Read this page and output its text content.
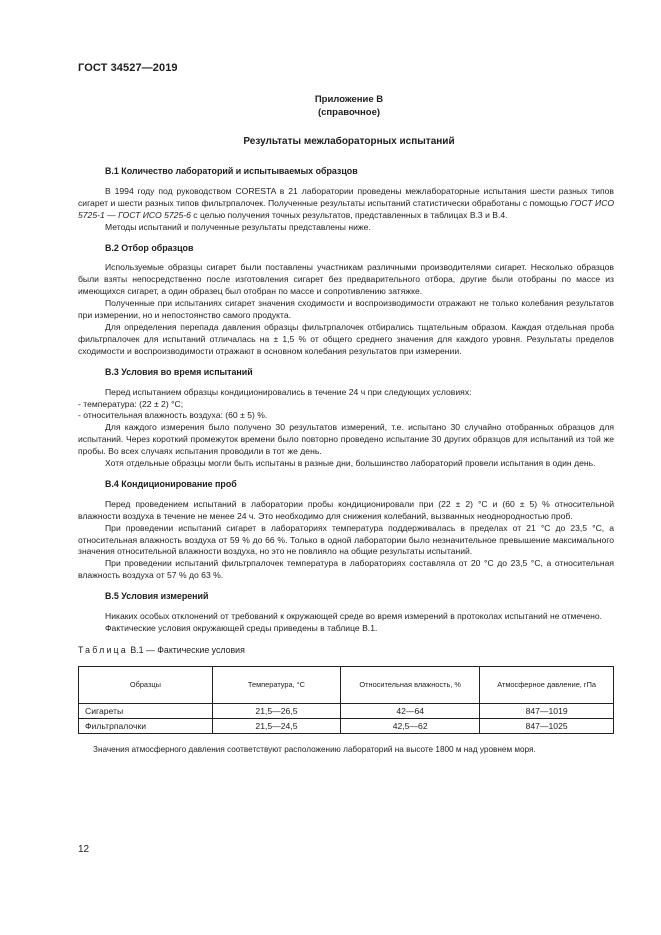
ГОСТ 34527—2019
Приложение В
(справочное)
Результаты межлабораторных испытаний
В.1 Количество лабораторий и испытываемых образцов

В 1994 году под руководством CORESTA в 21 лаборатории проведены межлабораторные испытания шести разных типов сигарет и шести разных типов фильтрпалочек. Полученные результаты испытаний статистически обработаны с помощью ГОСТ ИСО 5725-1 — ГОСТ ИСО 5725-6 с целью получения точных результатов, представленных в таблицах В.3 и В.4.

Методы испытаний и полученные результаты представлены ниже.

В.2 Отбор образцов

Используемые образцы сигарет были поставлены участникам различными производителями сигарет. Несколько образцов были взяты непосредственно после изготовления сигарет без предварительного отбора, другие были отобраны по массе из имеющихся сигарет, а один образец был отобран по массе и сопротивлению затяжке.

Полученные при испытаниях сигарет значения сходимости и воспроизводимости отражают не только колебания результатов при измерении, но и непостоянство самого продукта.

Для определения перепада давления образцы фильтрпалочек отбирались тщательным образом. Каждая отдельная проба фильтрпалочек для испытаний отличалась на ± 1,5 % от общего среднего значения для каждого уровня. Результаты пределов сходимости и воспроизводимости отражают в основном колебания результатов при измерении.

В.3 Условия во время испытаний

Перед испытанием образцы кондиционировались в течение 24 ч при следующих условиях:

- температура: (22 ± 2) °С;

- относительная влажность воздуха: (60 ± 5) %.

Для каждого измерения было получено 30 результатов измерений, т.е. испытано 30 случайно отобранных образцов для испытаний. Через короткий промежуток времени было повторно проведено испытание 30 других образцов для испытаний из той же пробы. Во всех случаях испытания проводили в тот же день.

Хотя отдельные образцы могли быть испытаны в разные дни, большинство лабораторий провели испытания в один день.

В.4 Кондиционирование проб

Перед проведением испытаний в лаборатории пробы кондиционировали при (22 ± 2) °С и (60 ± 5) % относительной влажности воздуха в течение не менее 24 ч. Это необходимо для снижения колебаний, вызванных неоднородностью проб.

При проведении испытаний сигарет в лабораториях температура поддерживалась в пределах от 21 °С до 23,5 °С, а относительная влажность воздуха от 59 % до 66 %. Только в одной лаборатории было незначительное превышение максимального значения относительной влажности воздуха, но это не повлияло на общие результаты испытаний.

При проведении испытаний фильтрпалочек температура в лабораториях составляла от 20 °С до 23,5 °С, а относительная влажность воздуха от 57 % до 63 %.

В.5 Условия измерений

Никаких особых отклонений от требований к окружающей среде во время измерений в протоколах испытаний не отмечено.

Фактические условия окружающей среды приведены в таблице В.1.

Таблица В.1 — Фактические условия

Образцы	Температура, °С	Относительная влажность, %	Атмосферное давление, гПа
Сигареты	21,5—26,5	42—64	847—1019
Фильтрпалочки	21,5—24,5	42,5—62	847—1025

Значения атмосферного давления соответствуют расположению лабораторий на высоте 1800 м над уровнем моря.

12
